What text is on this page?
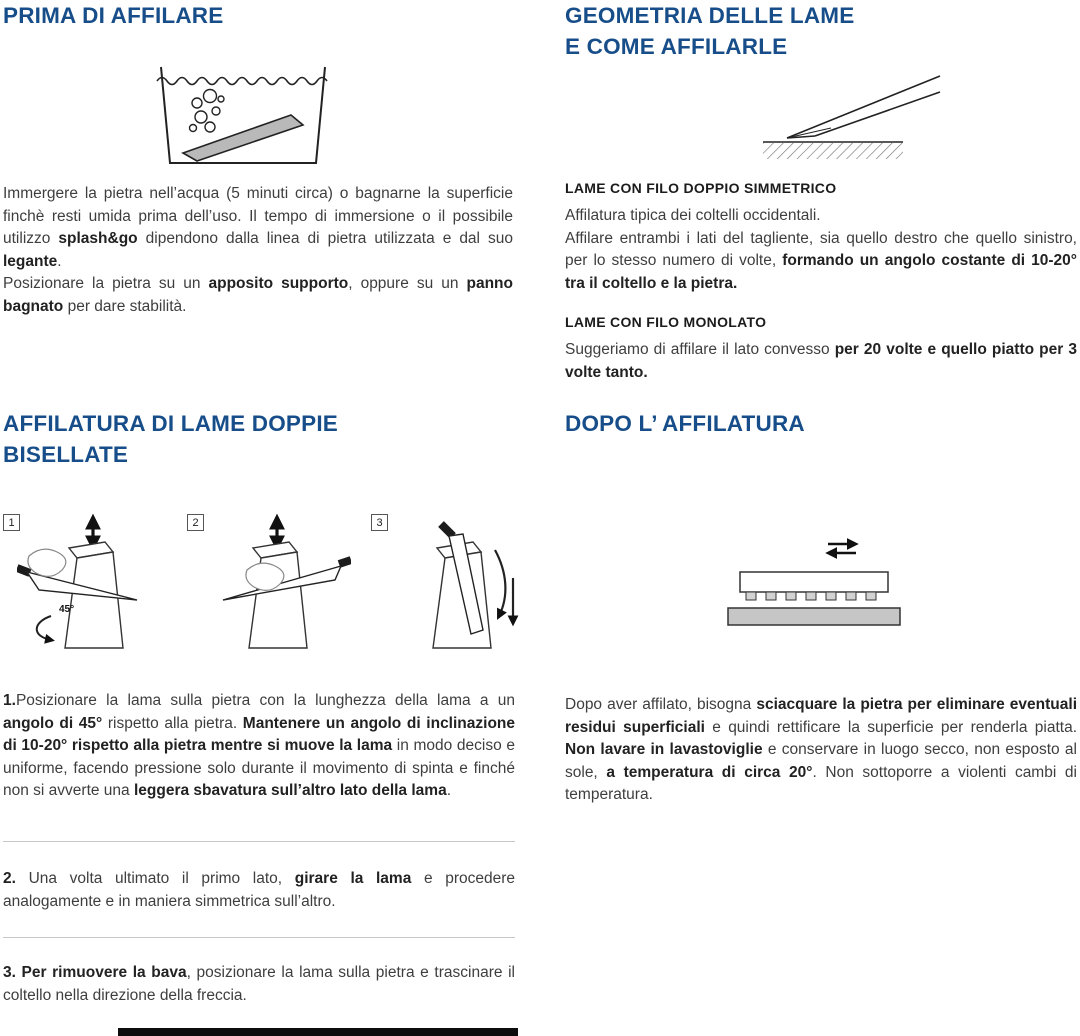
PRIMA DI AFFILARE

Immergere la pietra nell’acqua (5 minuti circa) o bagnarne la superficie finchè resti umida prima dell’uso. Il tempo di immersione o il possibile utilizzo splash&go dipendono dalla linea di pietra utilizzata e dal suo legante.

Posizionare la pietra su un apposito supporto, oppure su un panno bagnato per dare stabilità.

GEOMETRIA DELLE LAME
E COME AFFILARLE
LAME CON FILO DOPPIO SIMMETRICO
Affilatura tipica dei coltelli occidentali.
Affilare entrambi i lati del tagliente, sia quello destro che quello sinistro, per lo stesso numero di volte, formando un angolo costante di 10-20° tra il coltello e la pietra.
LAME CON FILO MONOLATO
Suggeriamo di affilare il lato convesso per 20 volte e quello piatto per 3 volte tanto.
AFFILATURA DI LAME DOPPIE
BISELLATE
1
45°
2	3
1.Posizionare la lama sulla pietra con la lunghezza della lama a un angolo di 45° rispetto alla pietra. Mantenere un angolo di inclinazione di 10-20° rispetto alla pietra mentre si muove la lama in modo deciso e uniforme, facendo pressione solo durante il movimento di spinta e finché non si avverte una leggera sbavatura sull’altro lato della lama.
2. Una volta ultimato il primo lato, girare la lama e procedere analogamente e in maniera simmetrica sull’altro.
3. Per rimuovere la bava, posizionare la lama sulla pietra e trascinare il coltello nella direzione della freccia.
DOPO L’ AFFILATURA
Dopo aver affilato, bisogna sciacquare la pietra per eliminare eventuali residui superficiali e quindi rettificare la superficie per renderla piatta. Non lavare in lavastoviglie e conservare in luogo secco, non esposto al sole, a temperatura di circa 20°. Non sottoporre a violenti cambi di temperatura.
